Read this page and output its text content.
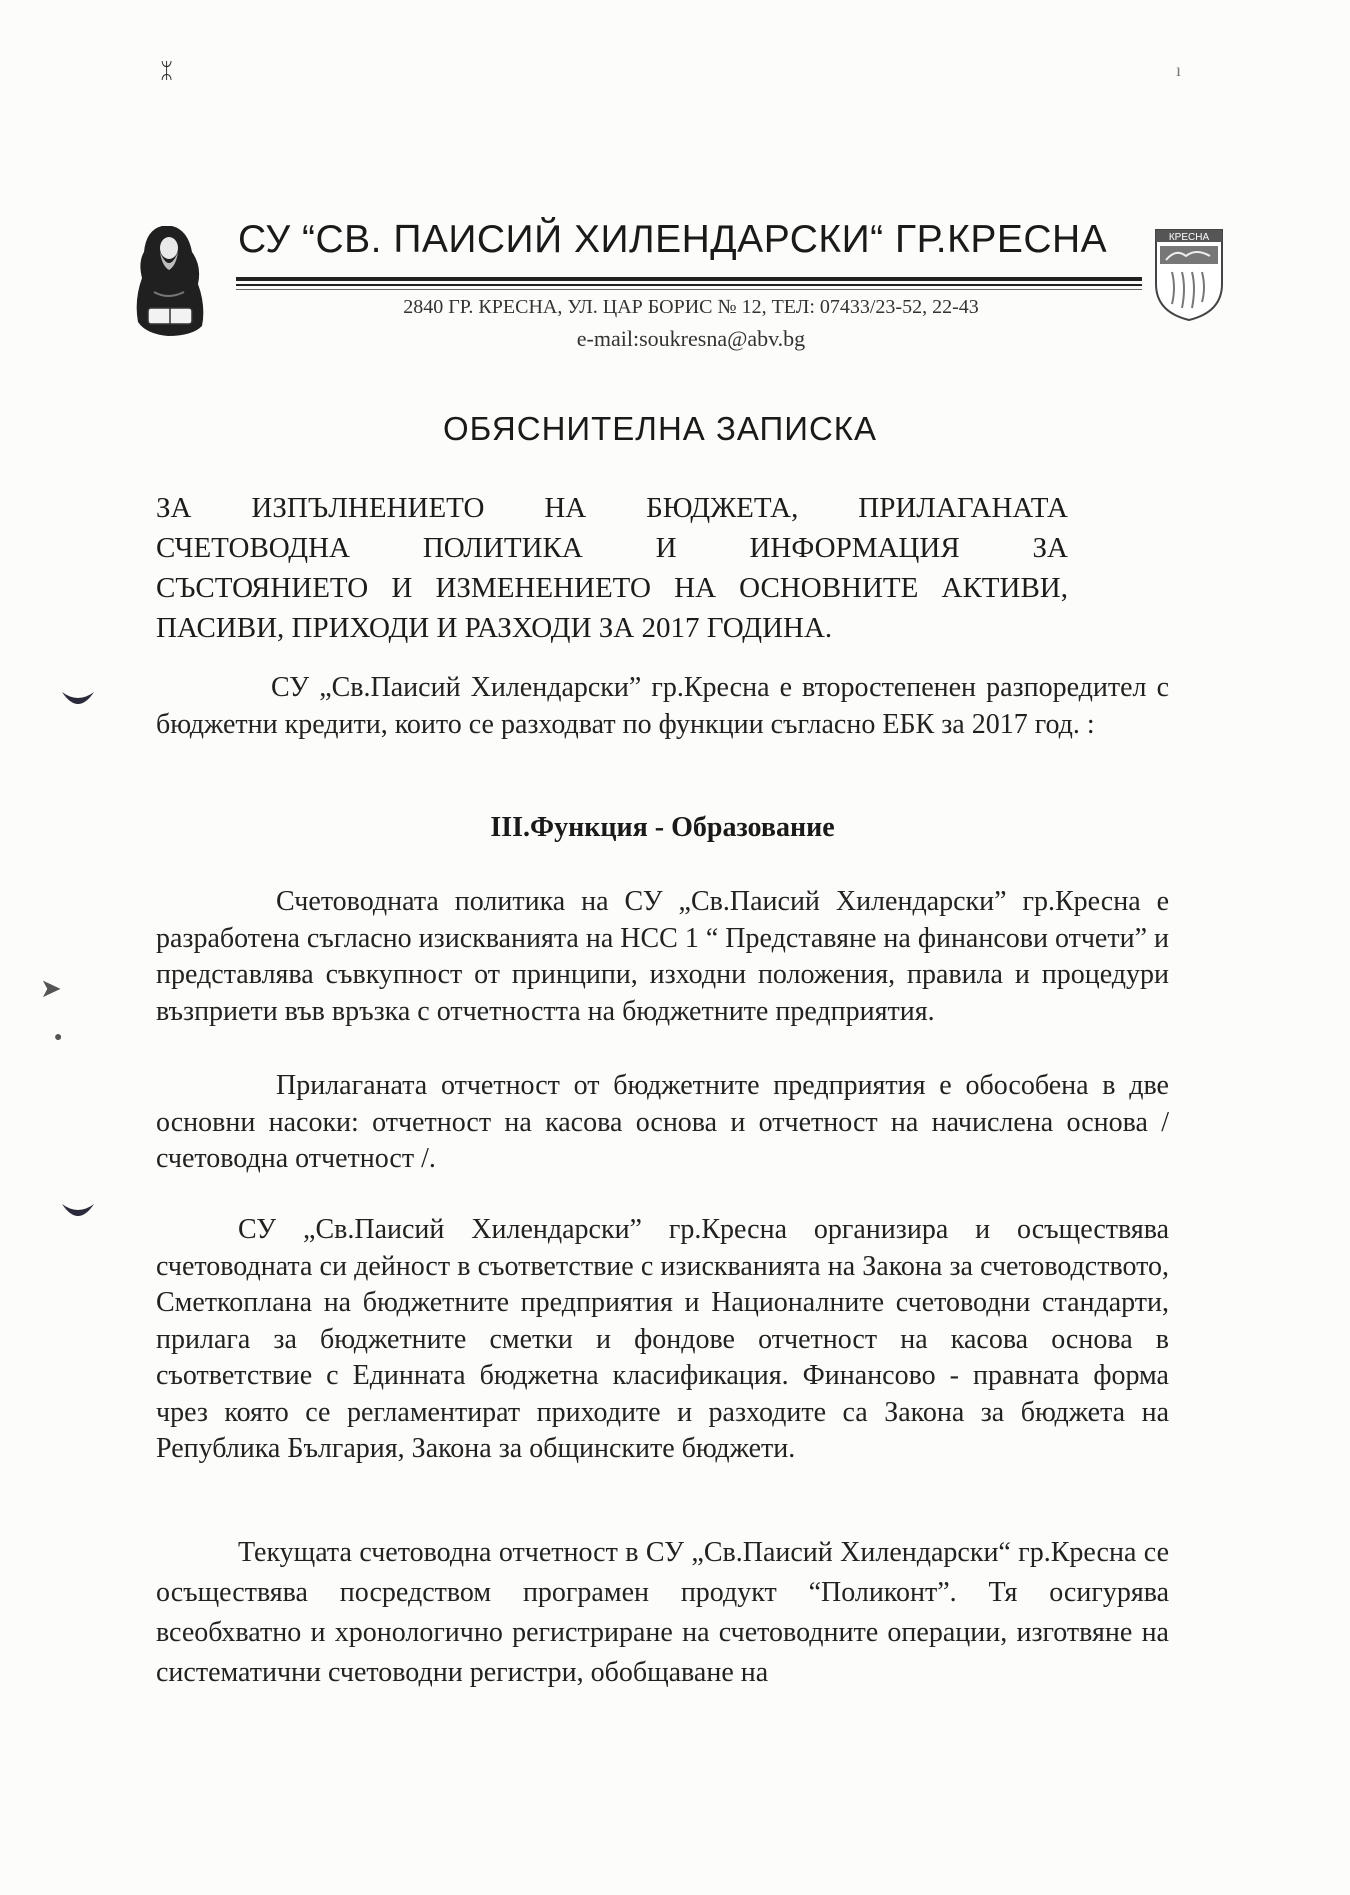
ᛯ	ı
➤
●
КРЕСНА
СУ “СВ. ПАИСИЙ ХИЛЕНДАРСКИ“ ГР.КРЕСНА
2840 ГР. КРЕСНА, УЛ. ЦАР БОРИС № 12, ТЕЛ: 07433/23-52, 22-43
e-mail:soukresna@abv.bg
ОБЯСНИТЕЛНА ЗАПИСКА
ЗА ИЗПЪЛНЕНИЕТО НА БЮДЖЕТА, ПРИЛАГАНАТА
СЧЕТОВОДНА ПОЛИТИКА И ИНФОРМАЦИЯ ЗА
СЪСТОЯНИЕТО И ИЗМЕНЕНИЕТО НА ОСНОВНИТЕ АКТИВИ,
ПАСИВИ, ПРИХОДИ И РАЗХОДИ ЗА 2017 ГОДИНА.
СУ „Св.Паисий Хилендарски” гр.Кресна е второстепенен разпоредител с бюджетни кредити, които се разходват по функции съгласно ЕБК за 2017 год. :
III.Функция - Образование
Счетоводната политика на СУ „Св.Паисий Хилендарски” гр.Кресна е разработена съгласно изискванията на НСС 1 “ Представяне на финансови отчети” и представлява съвкупност от принципи, изходни положения, правила и процедури възприети във връзка с отчетността на бюджетните предприятия.
Прилаганата отчетност от бюджетните предприятия е обособена в две основни насоки: отчетност на касова основа и отчетност на начислена основа / счетоводна отчетност /.
СУ „Св.Паисий Хилендарски” гр.Кресна организира и осъществява счетоводната си дейност в съответствие с изискванията на Закона за счетоводството, Сметкоплана на бюджетните предприятия и Националните счетоводни стандарти, прилага за бюджетните сметки и фондове отчетност на касова основа в съответствие с Единната бюджетна класификация. Финансово - правната форма чрез която се регламентират приходите и разходите са Закона за бюджета на Република България, Закона за общинските бюджети.
Текущата счетоводна отчетност в СУ „Св.Паисий Хилендарски“ гр.Кресна се осъществява посредством програмен продукт “Поликонт”. Тя осигурява всеобхватно и хронологично регистриране на счетоводните операции, изготвяне на систематични счетоводни регистри, обобщаване на
